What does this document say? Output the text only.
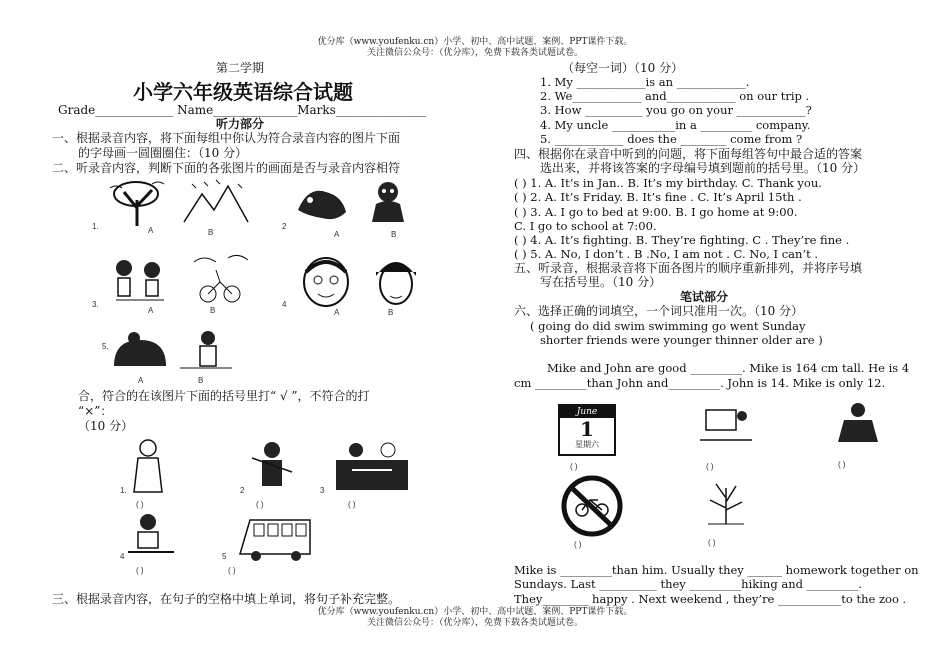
优分库（www.youfenku.cn）小学、初中、高中试题、案例、PPT课件下载。
关注微信公众号：（优分库），免费下载各类试题试卷。
第二学期
小学六年级英语综合试题
Grade_____________ Name______________Marks_______________
听力部分
一、根据录音内容，将下面每组中你认为符合录音内容的图片下面
的字母画一圆圈圈住：（10 分）
二、听录音内容，判断下面的各张图片的画面是否与录音内容相符
1.	A	B
2
A	B
3.
A	B
4
A	B
5.
A	B
合，符合的在该图片下面的括号里打“ √ ”，不符合的打
“×”：
（10 分）
1.
( )
2
( )
3
( )
4
( )
5
( )
三、根据录音内容，在句子的空格中填上单词，将句子补充完整。
（每空一词）（10 分）
1. My ____________is an ____________.
2. We____________ and____________ on our trip .
3. How __________ you go on your ____________?
4. My uncle ___________in a _________ company.
5. ____________ does the ________ come from ?
四、根据你在录音中听到的问题，将下面每组答句中最合适的答案
选出来，并将该答案的字母编号填到题前的括号里。（10 分）
( ) 1. A. It’s in Jan.. B. It’s my birthday. C. Thank you.
( ) 2. A. It’s Friday. B. It’s fine . C. It’s April 15th .
( ) 3. A. I go to bed at 9:00. B. I go home at 9:00.
C. I go to school at 7:00.
( ) 4. A. It’s fighting. B. They’re fighting. C . They’re fine .
( ) 5. A. No, I don’t . B .No, I am not . C. No, I can’t .
五、听录音，根据录音将下面各图片的顺序重新排列，并将序号填
写在括号里。（10 分）
笔试部分
六、选择正确的词填空，一个词只准用一次。（10 分）
( going do did swim swimming go went Sunday
shorter friends were younger thinner older are )
Mike and John are good _________. Mike is 164 cm tall. He is 4
cm _________than John and_________. John is 14. Mike is only 12.
June
1
星期六
( )	( )	( )
( )	( )
Mike is _________than him. Usually they ______ homework together on
Sundays. Last __________ they _________hiking and _________.
They________ happy . Next weekend , they’re ___________to the zoo .
优分库（www.youfenku.cn）小学、初中、高中试题、案例、PPT课件下载。
关注微信公众号：（优分库），免费下载各类试题试卷。
